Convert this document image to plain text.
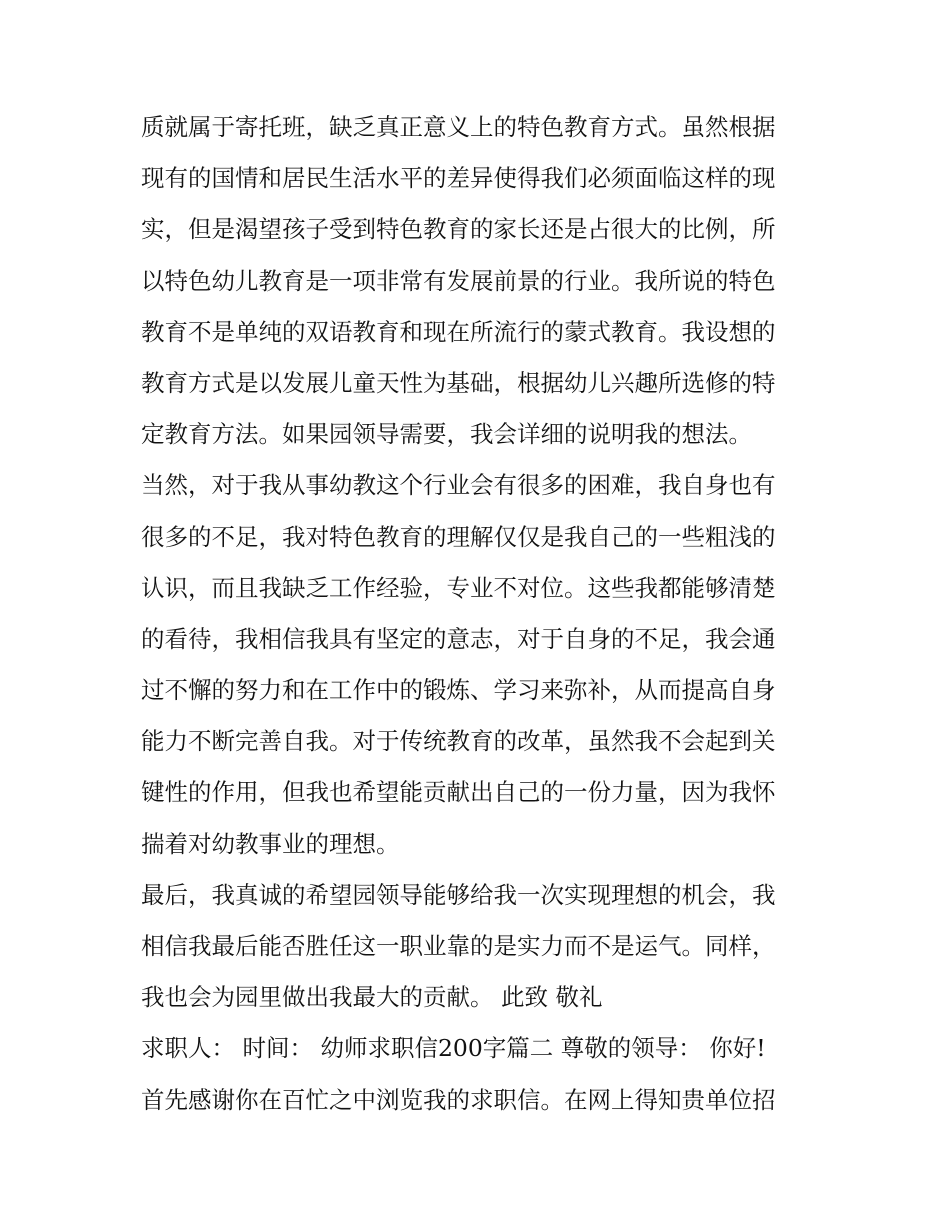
质就属于寄托班，缺乏真正意义上的特色教育方式。虽然根据
现有的国情和居民生活水平的差异使得我们必须面临这样的现
实，但是渴望孩子受到特色教育的家长还是占很大的比例，所
以特色幼儿教育是一项非常有发展前景的行业。我所说的特色
教育不是单纯的双语教育和现在所流行的蒙式教育。我设想的
教育方式是以发展儿童天性为基础，根据幼儿兴趣所选修的特
定教育方法。如果园领导需要，我会详细的说明我的想法。
当然，对于我从事幼教这个行业会有很多的困难，我自身也有
很多的不足，我对特色教育的理解仅仅是我自己的一些粗浅的
认识，而且我缺乏工作经验，专业不对位。这些我都能够清楚
的看待，我相信我具有坚定的意志，对于自身的不足，我会通
过不懈的努力和在工作中的锻炼、学习来弥补，从而提高自身
能力不断完善自我。对于传统教育的改革，虽然我不会起到关
键性的作用，但我也希望能贡献出自己的一份力量，因为我怀
揣着对幼教事业的理想。
最后，我真诚的希望园领导能够给我一次实现理想的机会，我
相信我最后能否胜任这一职业靠的是实力而不是运气。同样，
我也会为园里做出我最大的贡献。 此致 敬礼
求职人： 时间： 幼师求职信200字篇二 尊敬的领导： 你好!
首先感谢你在百忙之中浏览我的求职信。在网上得知贵单位招
